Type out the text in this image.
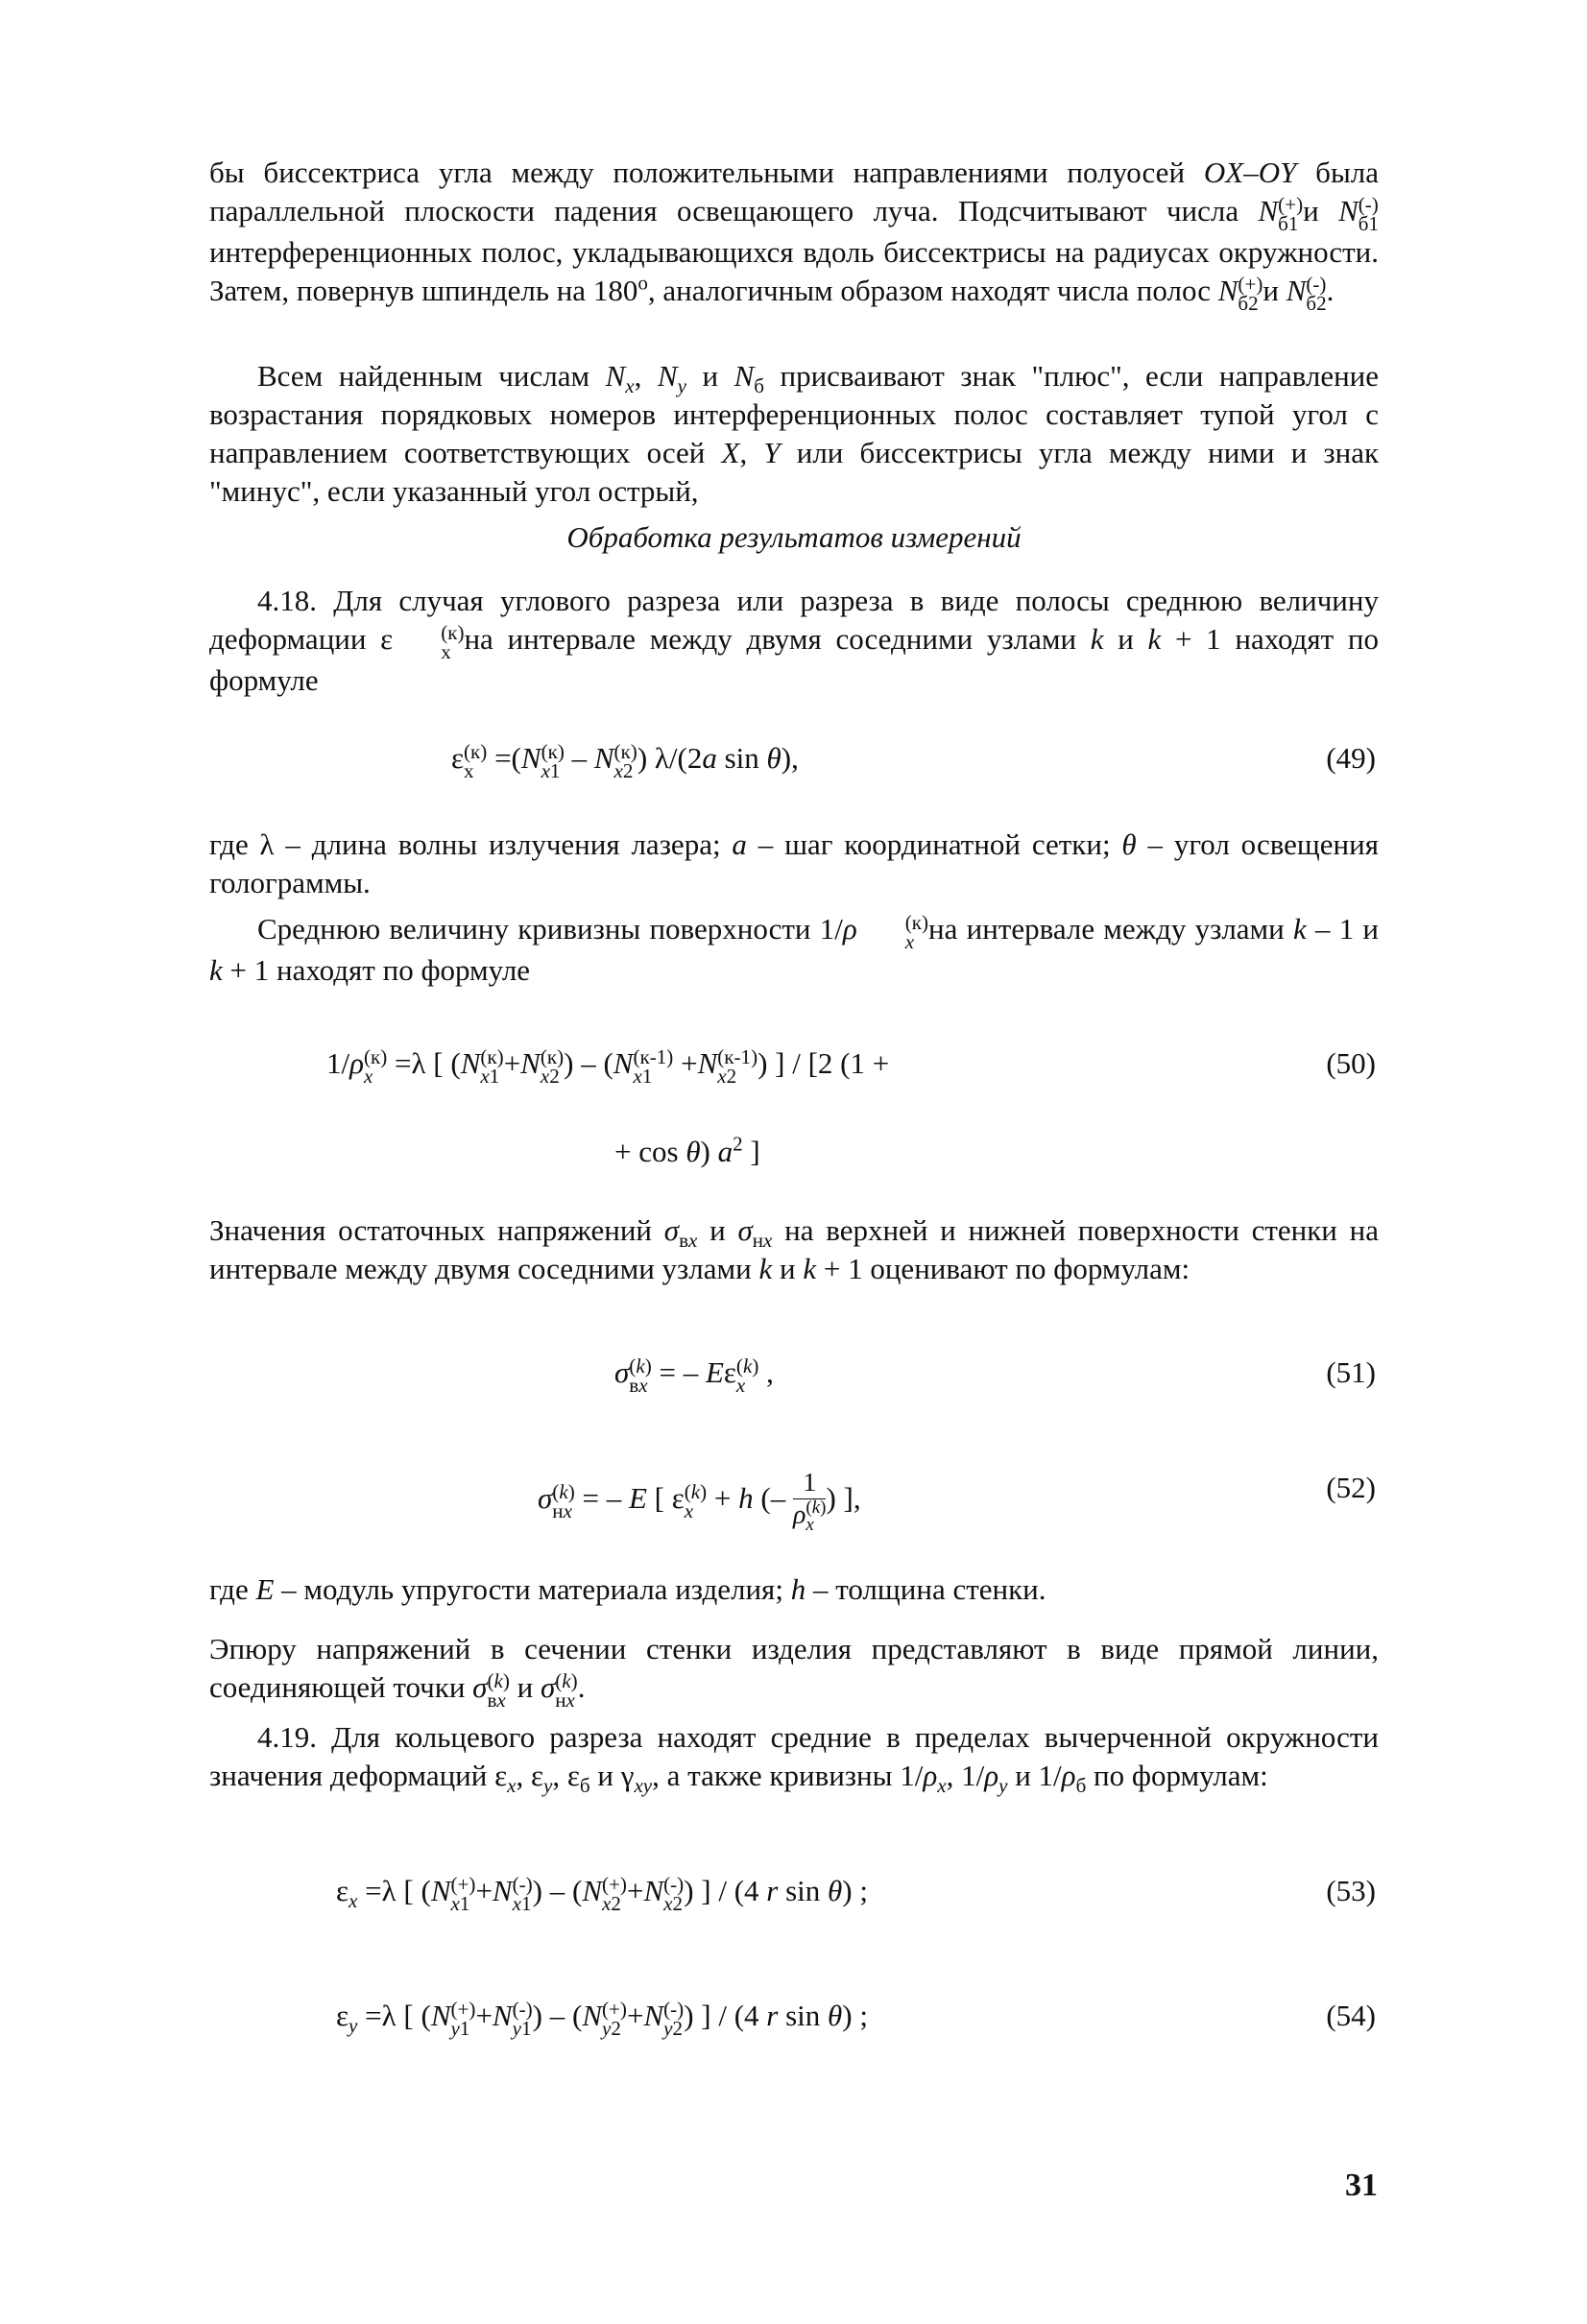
бы биссектриса угла между положительными направлениями полуосей OX–OY была параллельной плоскости падения освещающего луча. Подсчитывают числа N (+)
б1 и N (-)
б1
интерференционных полос, укладывающихся вдоль биссектрисы на радиусах окружности. Затем, повернув шпиндель на $180^о$, аналогичным образом находят числа полос N (+)
б2 и N (-)
б2 .

Всем найденным числам $N_x$, $N_y$ и $N_б$ присваивают знак "плюс", если направление возрастания порядковых номеров интерференционных полос составляет тупой угол с направлением соответствующих осей X, Y или биссектрисы угла между ними и знак "минус", если указанный угол острый,

Обработка результатов измерений

4.18. Для случая углового разреза или разреза в виде полосы среднюю величину деформации ε	(к)
x на интервале между двумя соседними узлами k и k + 1 находят по формуле

ε (к)
x =(N (к)
x1 – N (к)
x2 ) λ/(2a sin θ),	(49)

где λ – длина волны излучения лазера; a – шаг координатной сетки; θ – угол освещения голограммы.

Среднюю величину кривизны поверхности 1/ρ	(к)
x на интервале между узлами k – 1 и k + 1 находят по формуле

1/ρ (к)
x =λ [ (N (к)
x1 +N (к)
x2 ) – (N (к-1)
x1 +N (к-1)
x2 ) ] / [2 (1 +	(50)
+ cos θ) $a^2$ ]

Значения остаточных напряжений $\sigma_{вx}$ и $\sigma_{нx}$ на верхней и нижней поверхности стенки на интервале между двумя соседними узлами k и k + 1 оценивают по формулам:

σ (k)
вx = – Eε (k)
x ,	(51)
σ (k)
нx = – E [ ε (k)
x + h (– 1
ρ (k)
x ) ],	(52)

где E – модуль упругости материала изделия; h – толщина стенки.

Эпюру напряжений в сечении стенки изделия представляют в виде прямой линии, соединяющей точки σ (k)
вx и σ (k)
нx .

4.19. Для кольцевого разреза находят средние в пределах вычерченной окружности значения деформаций $\varepsilon_x$, $\varepsilon_y$, $\varepsilon_б$ и $\gamma_{xy}$, а также кривизны $1/\rho_x$, $1/\rho_y$ и $1/\rho_б$ по формулам:

$\varepsilon_x =\lambda$ [ (N (+)
x1 +N (-)
x1 ) – (N (+)
x2 +N (-)
x2 ) ] / (4 r sin θ) ;	(53)
$\varepsilon_y =\lambda$ [ (N (+)
y1 +N (-)
y1 ) – (N (+)
y2 +N (-)
y2 ) ] / (4 r sin θ) ;	(54)
31
